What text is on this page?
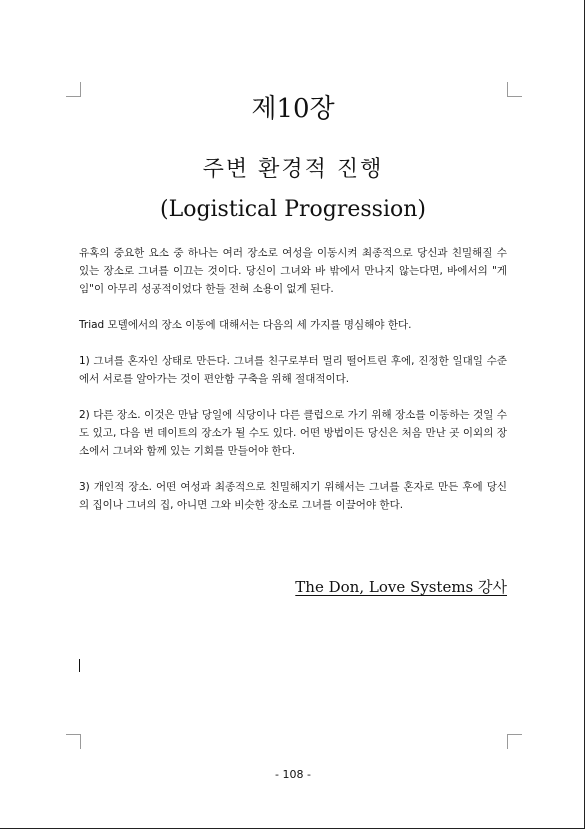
제10장
주변 환경적 진행
(Logistical Progression)

유혹의 중요한 요소 중 하나는 여러 장소로 여성을 이동시켜 최종적으로 당신과 친밀해질 수 있는 장소로 그녀를 이끄는 것이다. 당신이 그녀와 바 밖에서 만나지 않는다면, 바에서의 "게임"이 아무리 성공적이었다 한들 전혀 소용이 없게 된다.

Triad 모델에서의 장소 이동에 대해서는 다음의 세 가지를 명심해야 한다.

1) 그녀를 혼자인 상태로 만든다. 그녀를 친구로부터 멀리 떨어트린 후에, 진정한 일대일 수준에서 서로를 알아가는 것이 편안함 구축을 위해 절대적이다.

2) 다른 장소. 이것은 만남 당일에 식당이나 다른 클럽으로 가기 위해 장소를 이동하는 것일 수도 있고, 다음 번 데이트의 장소가 될 수도 있다. 어떤 방법이든 당신은 처음 만난 곳 이외의 장소에서 그녀와 함께 있는 기회를 만들어야 한다.

3) 개인적 장소. 어떤 여성과 최종적으로 친밀해지기 위해서는 그녀를 혼자로 만든 후에 당신의 집이나 그녀의 집, 아니면 그와 비슷한 장소로 그녀를 이끌어야 한다.

The Don, Love Systems 강사
- 108 -
